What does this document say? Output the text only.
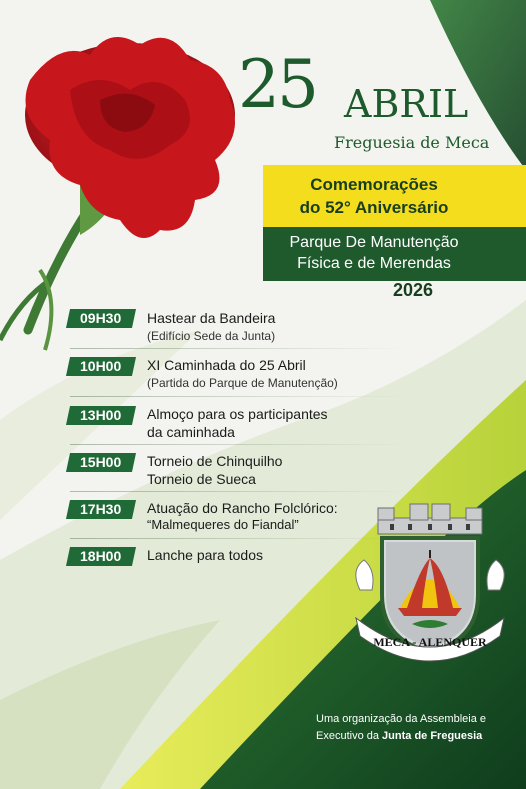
25 ABRIL
Freguesia de Meca
Comemorações
do 52° Aniversário
Parque De Manutenção
Física e de Merendas
2026
09H30	Hastear da Bandeira
(Edifício Sede da Junta)
10H00	XI Caminhada do 25 Abril
(Partida do Parque de Manutenção)
13H00	Almoço para os participantes
da caminhada
15H00	Torneio de Chinquilho
Torneio de Sueca
17H30	Atuação do Rancho Folclórico:
“Malmequeres do Fiandal”
18H00	Lanche para todos
MECA - ALENQUER
Uma organização da Assembleia e
Executivo da Junta de Freguesia
